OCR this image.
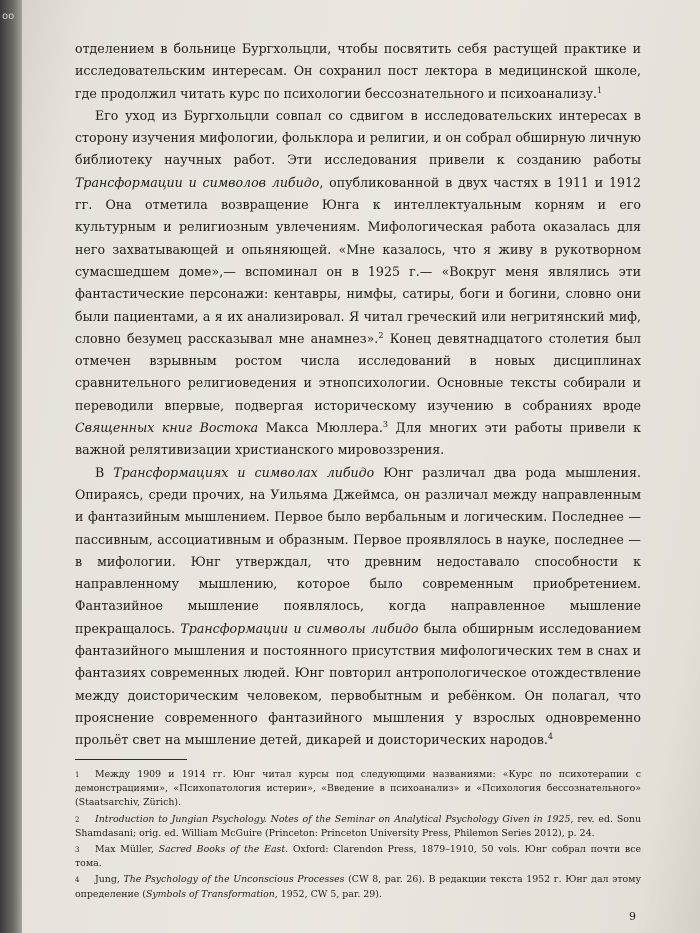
oo

отделением в больнице Бургхольцли, чтобы посвятить себя растущей практике и исследовательским интересам. Он сохранил пост лектора в медицинской школе, где продолжил читать курс по психологии бессознательного и психоанализу.$^1$

Его уход из Бургхольцли совпал со сдвигом в исследовательских интересах в сторону изучения мифологии, фольклора и религии, и он собрал обширную личную библиотеку научных работ. Эти исследования привели к созданию работы Трансформации и символов либидо, опубликованной в двух частях в 1911 и 1912 гг. Она отметила возвращение Юнга к интеллектуальным корням и его культурным и религиозным увлечениям. Мифологическая работа оказалась для него захватывающей и опьяняющей. «Мне казалось, что я живу в рукотворном сумасшедшем доме»,— вспоминал он в 1925 г.— «Вокруг меня являлись эти фантастические персонажи: кентавры, нимфы, сатиры, боги и богини, словно они были пациентами, а я их анализировал. Я читал греческий или негритянский миф, словно безумец рассказывал мне анамнез».$^2$ Конец девятнадцатого столетия был отмечен взрывным ростом числа исследований в новых дисциплинах сравнительного религиоведения и этнопсихологии. Основные тексты собирали и переводили впервые, подвергая историческому изучению в собраниях вроде Священных книг Востока Макса Мюллера.$^3$ Для многих эти работы привели к важной релятивизации христианского мировоззрения.

В Трансформациях и символах либидо Юнг различал два рода мышления. Опираясь, среди прочих, на Уильяма Джеймса, он различал между направленным и фантазийным мышлением. Первое было вербальным и логическим. Последнее — пассивным, ассоциативным и образным. Первое проявлялось в науке, последнее — в мифологии. Юнг утверждал, что древним недоставало способности к направленному мышлению, которое было современным приобретением. Фантазийное мышление появлялось, когда направленное мышление прекращалось. Трансформации и символы либидо была обширным исследованием фантазийного мышления и постоянного присутствия мифологических тем в снах и фантазиях современных людей. Юнг повторил антропологическое отождествление между доисторическим человеком, первобытным и ребёнком. Он полагал, что прояснение современного фантазийного мышления у взрослых одновременно прольёт свет на мышление детей, дикарей и доисторических народов.$^4$

1 Между 1909 и 1914 гг. Юнг читал курсы под следующими названиями: «Курс по психотерапии с демонстрациями», «Психопатология истерии», «Введение в психоанализ» и «Психология бессознательного» (Staatsarchiv, Zürich).

2 Introduction to Jungian Psychology. Notes of the Seminar on Analytical Psychology Given in 1925, rev. ed. Sonu Shamdasani; orig. ed. William McGuire (Princeton: Princeton University Press, Philemon Series 2012), p. 24.

3 Max Müller, Sacred Books of the East. Oxford: Clarendon Press, 1879–1910, 50 vols. Юнг собрал почти все тома.

4 Jung, The Psychology of the Unconscious Processes (CW 8, par. 26). В редакции текста 1952 г. Юнг дал этому определение (Symbols of Transformation, 1952, CW 5, par. 29).

9
